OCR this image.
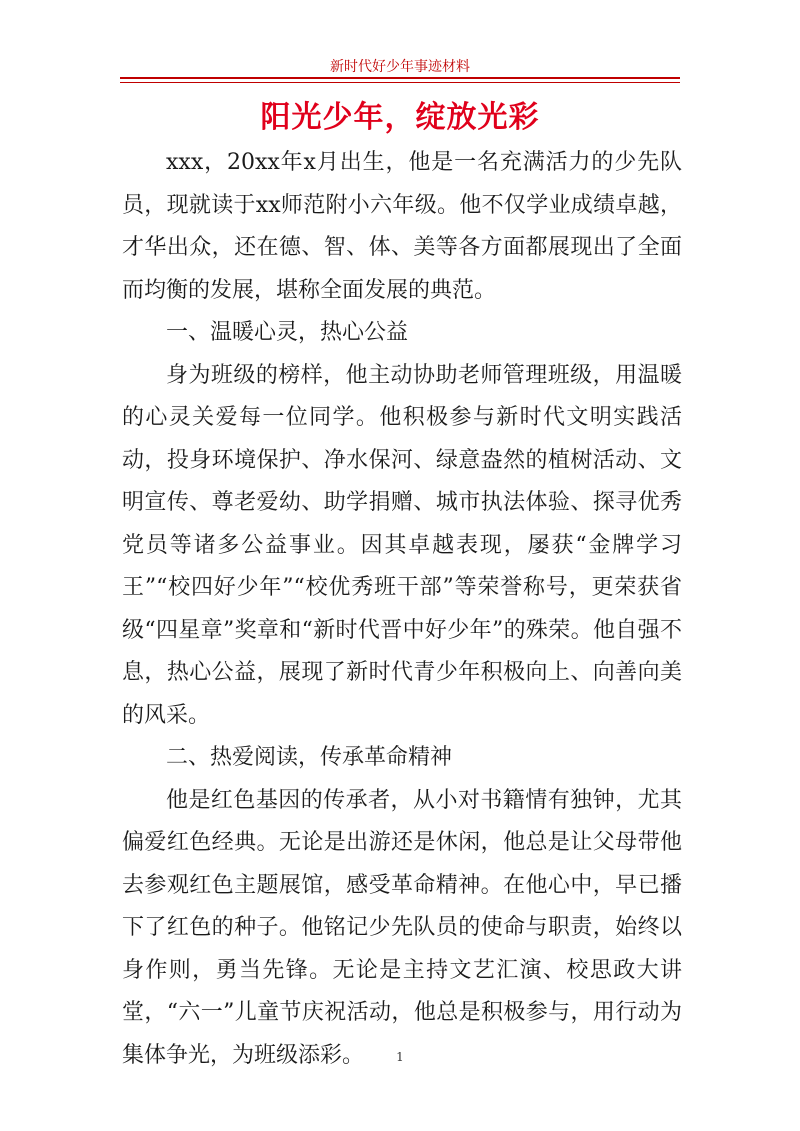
新时代好少年事迹材料
阳光少年，绽放光彩

xxx，20xx年x月出生，他是一名充满活力的少先队员，现就读于xx师范附小六年级。他不仅学业成绩卓越，才华出众，还在德、智、体、美等各方面都展现出了全面而均衡的发展，堪称全面发展的典范。

一、温暖心灵，热心公益

身为班级的榜样，他主动协助老师管理班级，用温暖的心灵关爱每一位同学。他积极参与新时代文明实践活动，投身环境保护、净水保河、绿意盎然的植树活动、文明宣传、尊老爱幼、助学捐赠、城市执法体验、探寻优秀党员等诸多公益事业。因其卓越表现，屡获“金牌学习王”“校四好少年”“校优秀班干部”等荣誉称号，更荣获省级“四星章”奖章和“新时代晋中好少年”的殊荣。他自强不息，热心公益，展现了新时代青少年积极向上、向善向美的风采。

二、热爱阅读，传承革命精神

他是红色基因的传承者，从小对书籍情有独钟，尤其偏爱红色经典。无论是出游还是休闲，他总是让父母带他去参观红色主题展馆，感受革命精神。在他心中，早已播下了红色的种子。他铭记少先队员的使命与职责，始终以身作则，勇当先锋。无论是主持文艺汇演、校思政大讲堂，“六一”儿童节庆祝活动，他总是积极参与，用行动为集体争光，为班级添彩。	1
